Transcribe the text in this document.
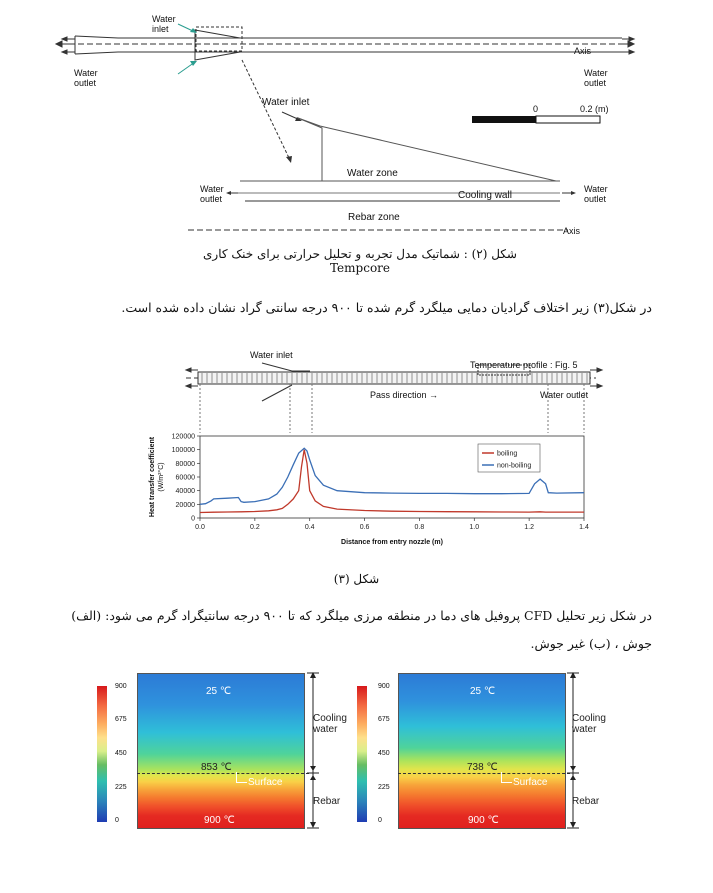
Water inlet
Water outlet
Water outlet
Axis
0	0.2 (m)
Water inlet
Water zone
Water outlet
Water outlet
Cooling wall
Rebar zone
Axis
شکل (۲) : شماتیک مدل تجربه و تحلیل حرارتی برای خنک کاری Tempcore
در شکل(۳) زیر اختلاف گرادیان دمایی میلگرد گرم شده تا ۹۰۰ درجه سانتی گراد نشان داده شده است.
Water inlet
Temperature profile : Fig. 5
Pass direction →	Water outlet
0
20000
40000
60000
80000
100000
120000
0.0	0.2	0.4	0.6	0.8	1.0	1.2	1.4
Distance from entry nozzle (m)
Heat transfer coefficient (W/m²°C)
boiling
non-boiling
شکل (۳)
در شکل زیر تحلیل CFD پروفیل های دما در منطقه مرزی میلگرد که تا ۹۰۰ درجه سانتیگراد گرم می شود: (الف)
جوش ، (ب) غیر جوش.
900
675
450
225
0
25 ℃
853 ℃
Surface
900 ℃
Cooling water
Rebar
900
675
450
225
0
25 ℃
738 ℃
Surface
900 ℃
Cooling water
Rebar
